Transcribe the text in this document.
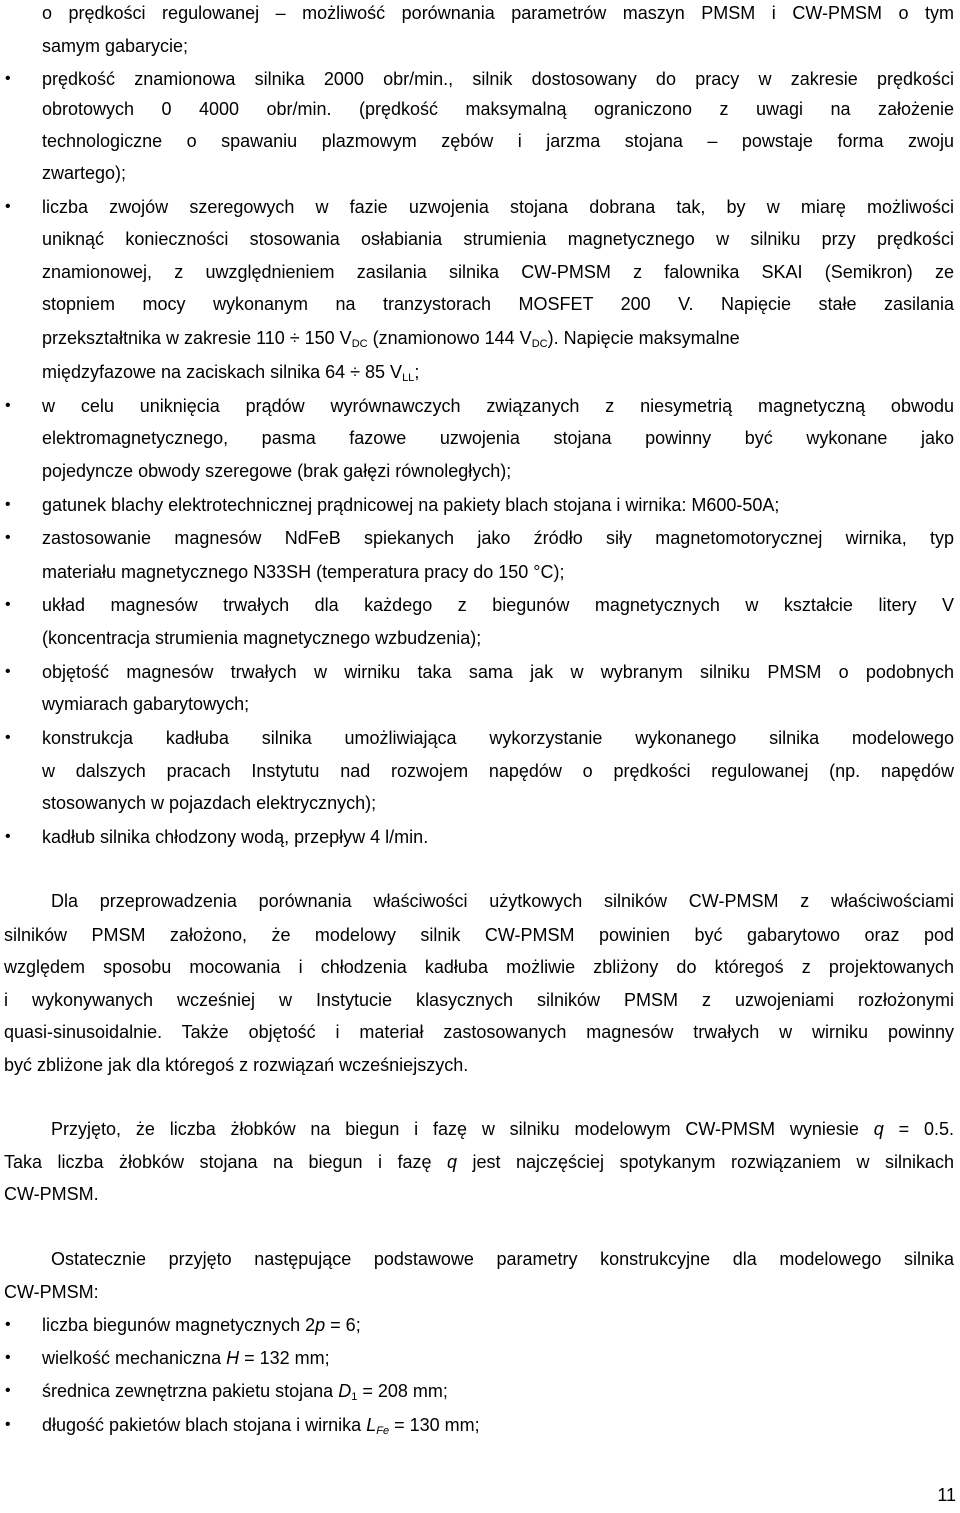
o prędkości regulowanej – możliwość porównania parametrów maszyn PMSM i CW-PMSM o tym
samym gabarycie;
• prędkość znamionowa silnika 2000 obr/min., silnik dostosowany do pracy w zakresie prędkości
obrotowych 0 4000 obr/min. (prędkość maksymalną ograniczono z uwagi na założenie
technologiczne o spawaniu plazmowym zębów i jarzma stojana – powstaje forma zwoju
zwartego);
• liczba zwojów szeregowych w fazie uzwojenia stojana dobrana tak, by w miarę możliwości
uniknąć konieczności stosowania osłabiania strumienia magnetycznego w silniku przy prędkości
znamionowej, z uwzględnieniem zasilania silnika CW-PMSM z falownika SKAI (Semikron) ze
stopniem mocy wykonanym na tranzystorach MOSFET 200 V. Napięcie stałe zasilania
przekształtnika w zakresie 110 ÷ 150 $V_{DC}$ (znamionowo 144 $V_{DC}$). Napięcie maksymalne
międzyfazowe na zaciskach silnika 64 ÷ 85 $V_{LL}$;
• w celu uniknięcia prądów wyrównawczych związanych z niesymetrią magnetyczną obwodu
elektromagnetycznego, pasma fazowe uzwojenia stojana powinny być wykonane jako
pojedyncze obwody szeregowe (brak gałęzi równoległych);
• gatunek blachy elektrotechnicznej prądnicowej na pakiety blach stojana i wirnika: M600-50A;
• zastosowanie magnesów NdFeB spiekanych jako źródło siły magnetomotorycznej wirnika, typ
materiału magnetycznego N33SH (temperatura pracy do 150 °C);
• układ magnesów trwałych dla każdego z biegunów magnetycznych w kształcie litery V
(koncentracja strumienia magnetycznego wzbudzenia);
• objętość magnesów trwałych w wirniku taka sama jak w wybranym silniku PMSM o podobnych
wymiarach gabarytowych;
• konstrukcja kadłuba silnika umożliwiająca wykorzystanie wykonanego silnika modelowego
w dalszych pracach Instytutu nad rozwojem napędów o prędkości regulowanej (np. napędów
stosowanych w pojazdach elektrycznych);
• kadłub silnika chłodzony wodą, przepływ 4 l/min.
Dla przeprowadzenia porównania właściwości użytkowych silników CW-PMSM z właściwościami
silników PMSM założono, że modelowy silnik CW-PMSM powinien być gabarytowo oraz pod
względem sposobu mocowania i chłodzenia kadłuba możliwie zbliżony do któregoś z projektowanych
i wykonywanych wcześniej w Instytucie klasycznych silników PMSM z uzwojeniami rozłożonymi
quasi-sinusoidalnie. Także objętość i materiał zastosowanych magnesów trwałych w wirniku powinny
być zbliżone jak dla któregoś z rozwiązań wcześniejszych.
Przyjęto, że liczba żłobków na biegun i fazę w silniku modelowym CW-PMSM wyniesie q = 0.5.
Taka liczba żłobków stojana na biegun i fazę q jest najczęściej spotykanym rozwiązaniem w silnikach
CW-PMSM.
Ostatecznie przyjęto następujące podstawowe parametry konstrukcyjne dla modelowego silnika
CW-PMSM:
• liczba biegunów magnetycznych 2p = 6;
• wielkość mechaniczna H = 132 mm;
• średnica zewnętrzna pakietu stojana $D_1 = 208$ mm;
• długość pakietów blach stojana i wirnika $L_{Fe} = 130$ mm;
11
